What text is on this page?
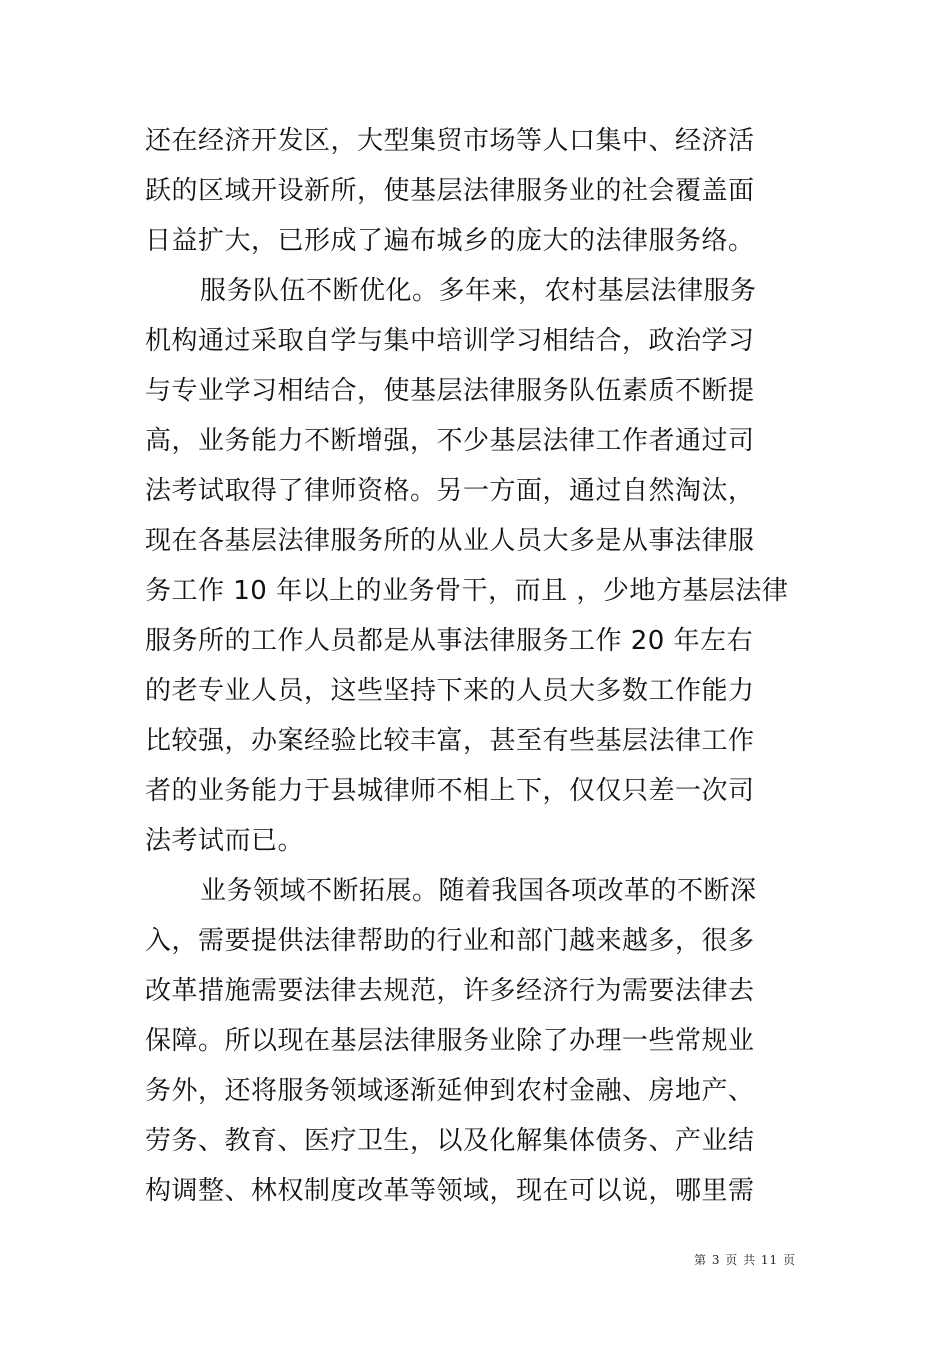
还在经济开发区，大型集贸市场等人口集中、经济活
跃的区域开设新所，使基层法律服务业的社会覆盖面
日益扩大，已形成了遍布城乡的庞大的法律服务络。
服务队伍不断优化。多年来，农村基层法律服务
机构通过采取自学与集中培训学习相结合，政治学习
与专业学习相结合，使基层法律服务队伍素质不断提
高，业务能力不断增强，不少基层法律工作者通过司
法考试取得了律师资格。另一方面，通过自然淘汰，
现在各基层法律服务所的从业人员大多是从事法律服
务工作 10 年以上的业务骨干，而且 ，少地方基层法律
服务所的工作人员都是从事法律服务工作 20 年左右
的老专业人员，这些坚持下来的人员大多数工作能力
比较强，办案经验比较丰富，甚至有些基层法律工作
者的业务能力于县城律师不相上下，仅仅只差一次司
法考试而已。
业务领域不断拓展。随着我国各项改革的不断深
入，需要提供法律帮助的行业和部门越来越多，很多
改革措施需要法律去规范，许多经济行为需要法律去
保障。所以现在基层法律服务业除了办理一些常规业
务外，还将服务领域逐渐延伸到农村金融、房地产、
劳务、教育、医疗卫生，以及化解集体债务、产业结
构调整、林权制度改革等领域，现在可以说，哪里需
第 3 页 共 11 页
